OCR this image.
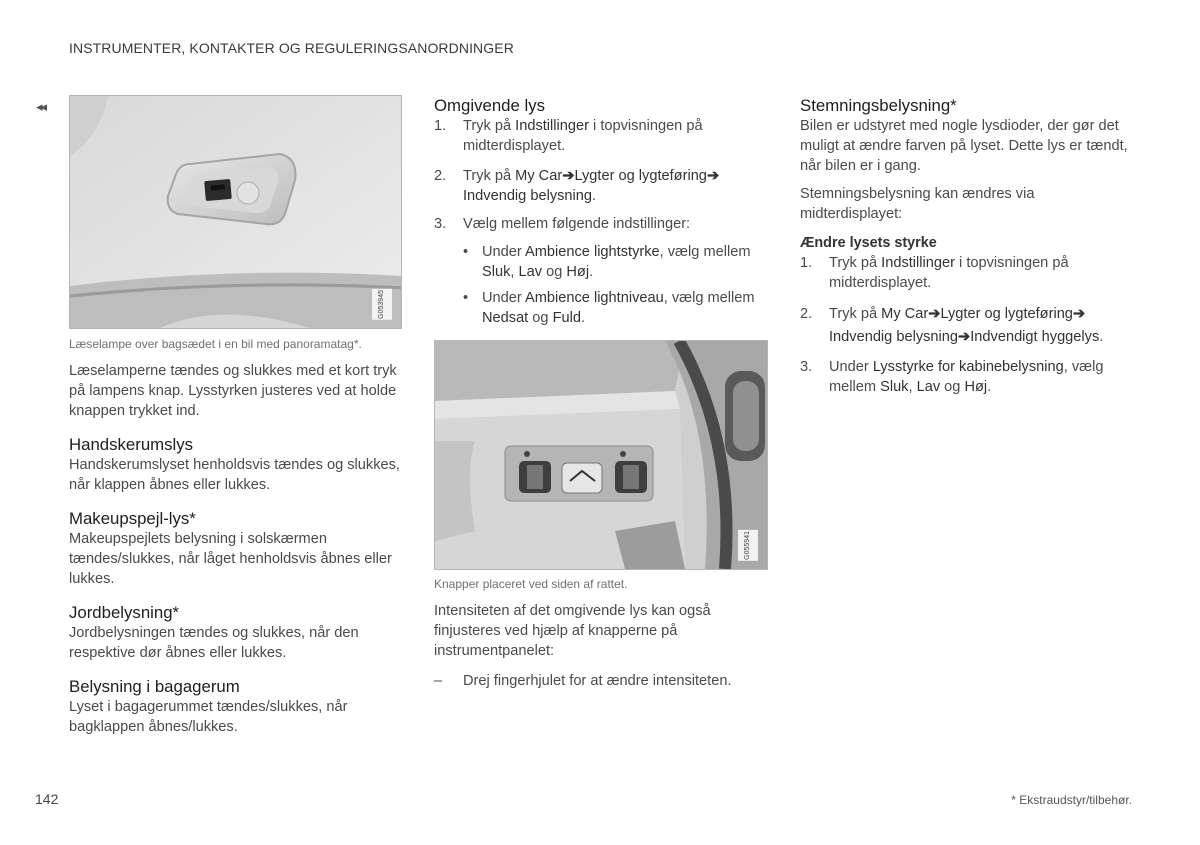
INSTRUMENTER, KONTAKTER OG REGULERINGSANORDNINGER
◂◂
G053945

Læselampe over bagsædet i en bil med panoramatag*.

Læselamperne tændes og slukkes med et kort tryk på lampens knap. Lysstyrken justeres ved at holde knappen trykket ind.

Handskerumslys

Handskerumslyset henholdsvis tændes og slukkes, når klappen åbnes eller lukkes.

Makeupspejl-lys*

Makeupspejlets belysning i solskærmen tændes/slukkes, når låget henholdsvis åbnes eller lukkes.

Jordbelysning*

Jordbelysningen tændes og slukkes, når den respektive dør åbnes eller lukkes.

Belysning i bagagerum

Lyset i bagagerummet tændes/slukkes, når bagklappen åbnes/lukkes.

Omgivende lys
1. Tryk på Indstillinger i topvisningen på midterdisplayet.
2. Tryk på My Car➔Lygter og lygteføring➔
Indvendig belysning.
3. Vælg mellem følgende indstillinger:
• Under Ambience lightstyrke, vælg mellem Sluk, Lav og Høj.
• Under Ambience lightniveau, vælg mellem Nedsat og Fuld.
G055941

Knapper placeret ved siden af rattet.

Intensiteten af det omgivende lys kan også finjusteres ved hjælp af knapperne på instrumentpanelet:

– Drej fingerhjulet for at ændre intensiteten.
Stemningsbelysning*

Bilen er udstyret med nogle lysdioder, der gør det muligt at ændre farven på lyset. Dette lys er tændt, når bilen er i gang.

Stemningsbelysning kan ændres via midterdisplayet:

Ændre lysets styrke
1. Tryk på Indstillinger i topvisningen på midterdisplayet.
2. Tryk på My Car➔Lygter og lygteføring➔
Indvendig belysning➔Indvendigt hyggelys.
3. Under Lysstyrke for kabinebelysning, vælg mellem Sluk, Lav og Høj.
142	* Ekstraudstyr/tilbehør.
